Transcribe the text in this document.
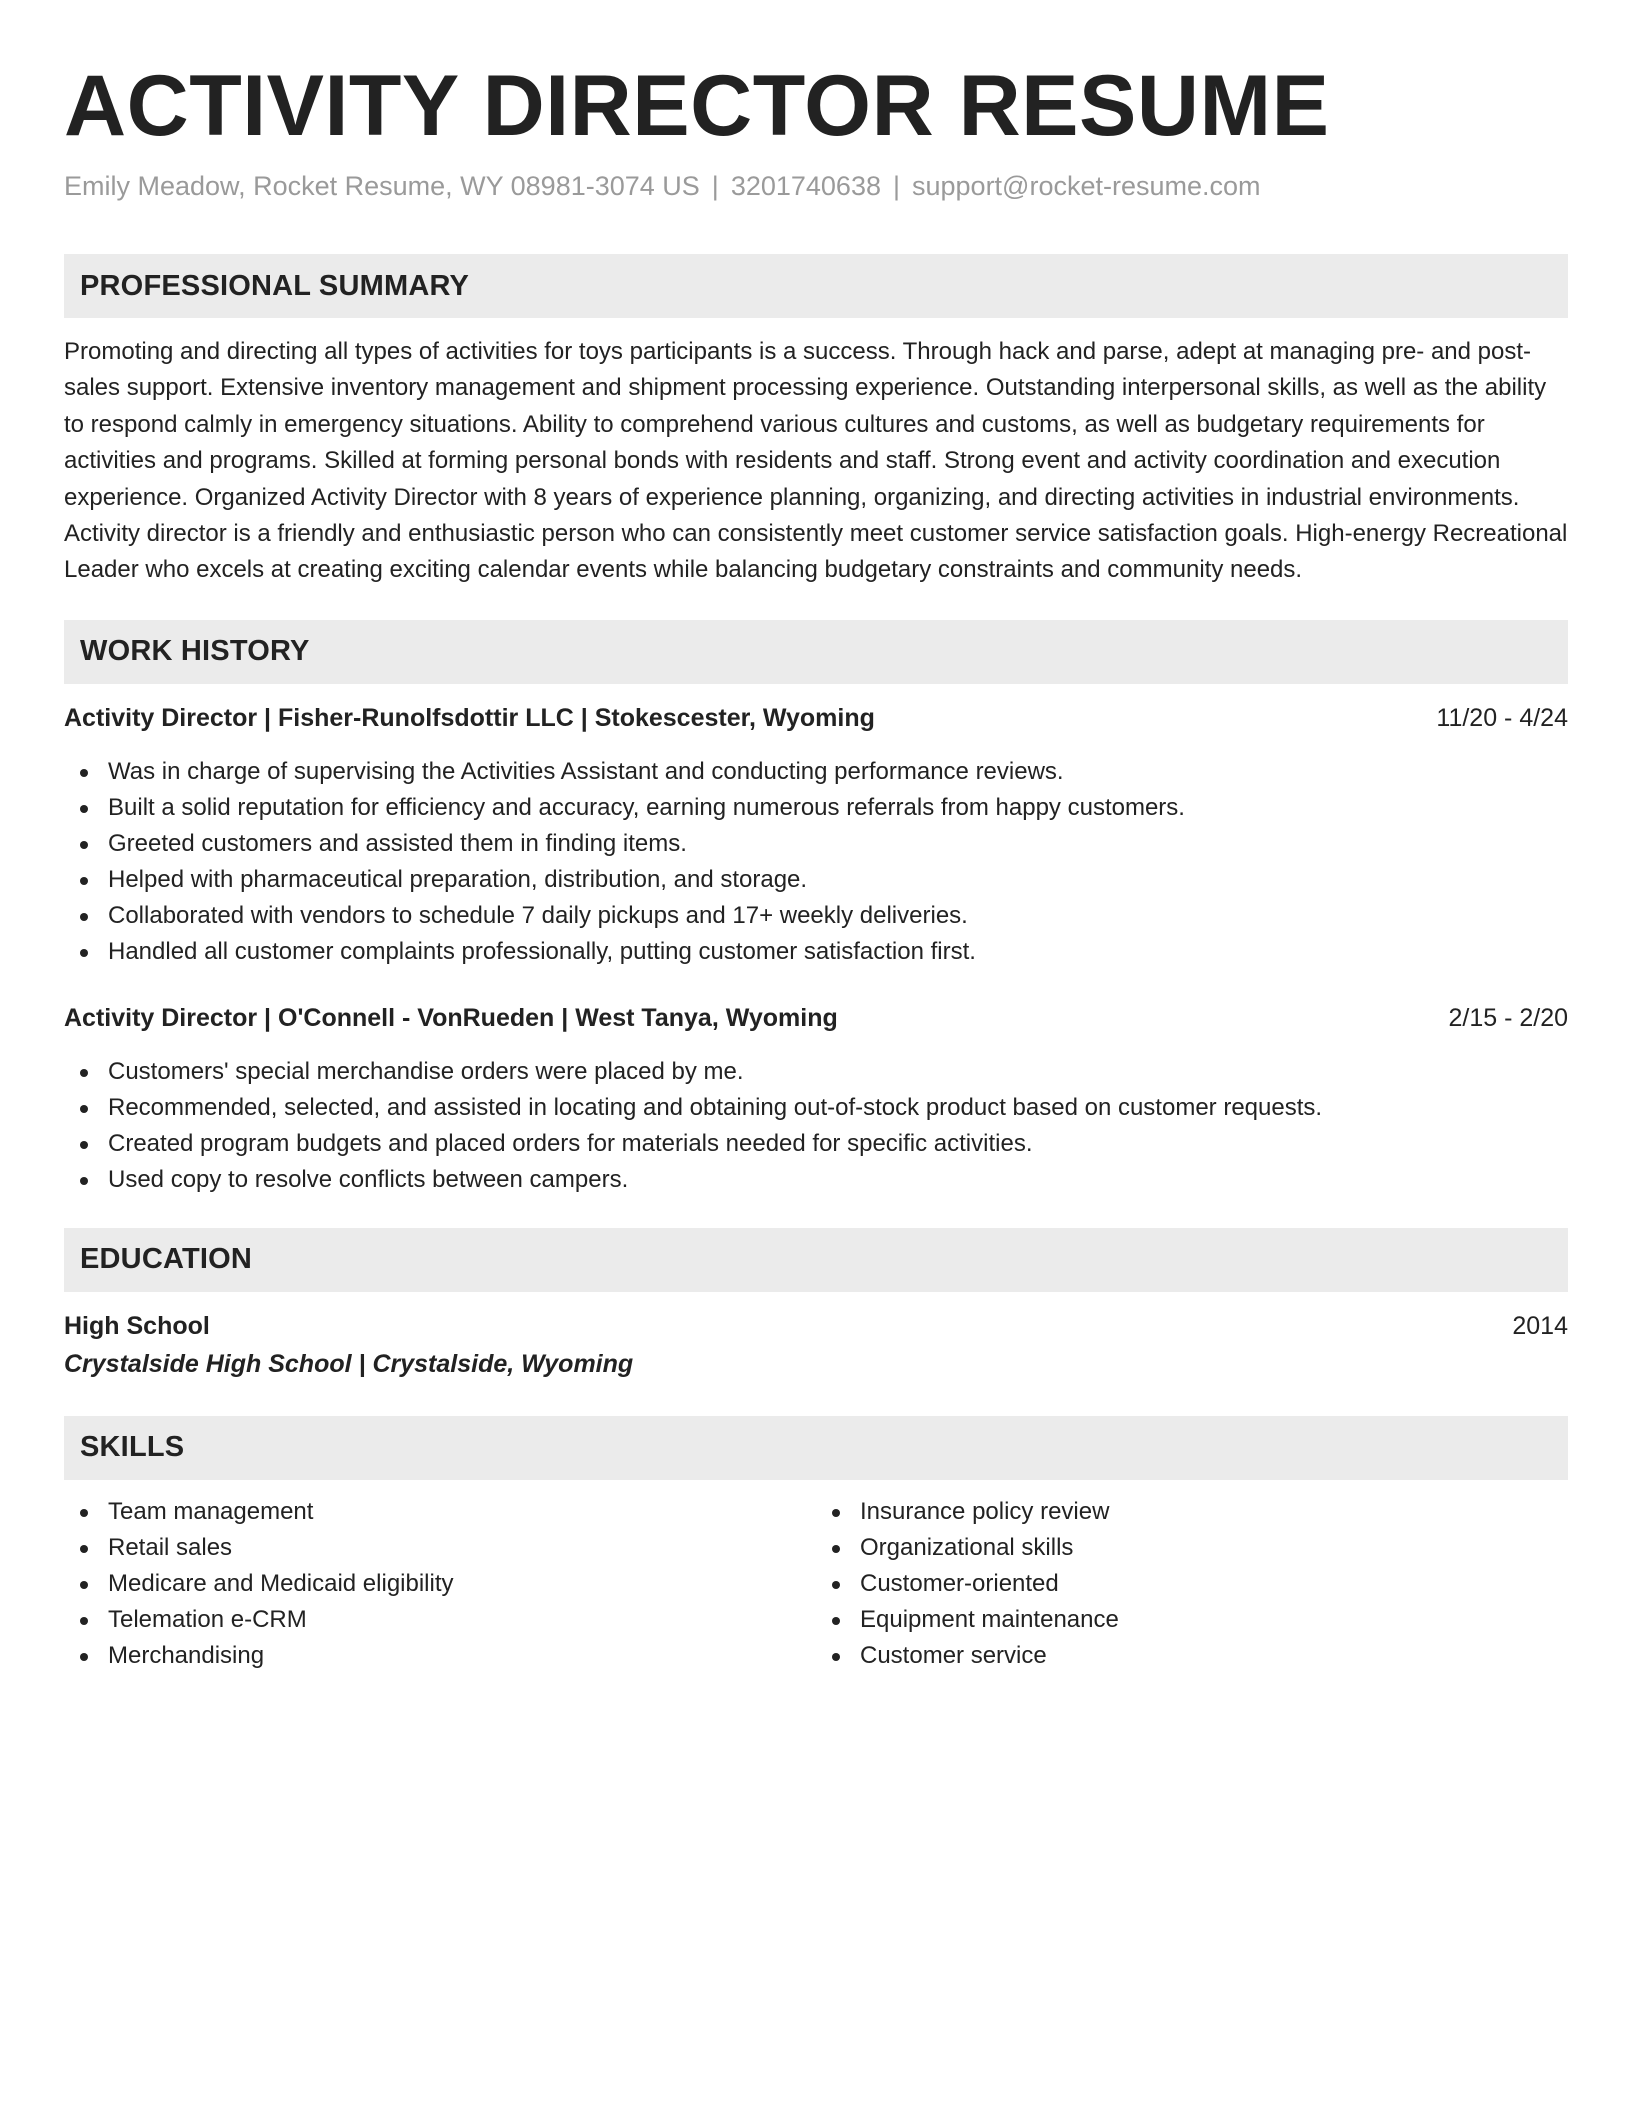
ACTIVITY DIRECTOR RESUME
Emily Meadow, Rocket Resume, WY 08981-3074 US | 3201740638 | support@rocket-resume.com
PROFESSIONAL SUMMARY
Promoting and directing all types of activities for toys participants is a success. Through hack and parse, adept at managing pre- and post-sales support. Extensive inventory management and shipment processing experience. Outstanding interpersonal skills, as well as the ability to respond calmly in emergency situations. Ability to comprehend various cultures and customs, as well as budgetary requirements for activities and programs. Skilled at forming personal bonds with residents and staff. Strong event and activity coordination and execution experience. Organized Activity Director with 8 years of experience planning, organizing, and directing activities in industrial environments. Activity director is a friendly and enthusiastic person who can consistently meet customer service satisfaction goals. High-energy Recreational Leader who excels at creating exciting calendar events while balancing budgetary constraints and community needs.
WORK HISTORY
Activity Director | Fisher-Runolfsdottir LLC | Stokescester, Wyoming	11/20 - 4/24
Was in charge of supervising the Activities Assistant and conducting performance reviews.
Built a solid reputation for efficiency and accuracy, earning numerous referrals from happy customers.
Greeted customers and assisted them in finding items.
Helped with pharmaceutical preparation, distribution, and storage.
Collaborated with vendors to schedule 7 daily pickups and 17+ weekly deliveries.
Handled all customer complaints professionally, putting customer satisfaction first.
Activity Director | O'Connell - VonRueden | West Tanya, Wyoming	2/15 - 2/20
Customers' special merchandise orders were placed by me.
Recommended, selected, and assisted in locating and obtaining out-of-stock product based on customer requests.
Created program budgets and placed orders for materials needed for specific activities.
Used copy to resolve conflicts between campers.
EDUCATION
High School	2014
Crystalside High School | Crystalside, Wyoming
SKILLS
Team management
Retail sales
Medicare and Medicaid eligibility
Telemation e-CRM
Merchandising
Insurance policy review
Organizational skills
Customer-oriented
Equipment maintenance
Customer service
